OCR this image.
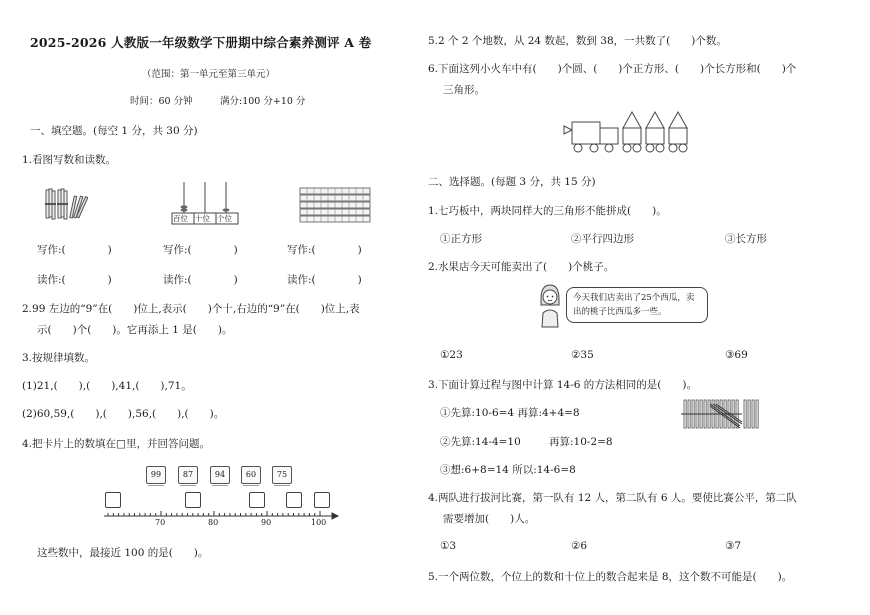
2025-2026 人教版一年级数学下册期中综合素养测评 A 卷
（范围：第一单元至第三单元）
时间：60 分钟	满分:100 分+10 分
一、填空题。(每空 1 分，共 30 分)
1.看图写数和读数。
百位 十位 个位
写作:(　　　　)	写作:(　　　　)	写作:(　　　　)
读作:(　　　　)	读作:(　　　　)	读作:(　　　　)
2.99 左边的“9”在(　　)位上,表示(　　)个十,右边的“9”在(　　)位上,表
示(　　)个(　　)。它再添上 1 是(　　)。
3.按规律填数。
(1)21,(　　),(　　),41,(　　),71。
(2)60,59,(　　),(　　),56,(　　),(　　)。
4.把卡片上的数填在□里，并回答问题。
99	87	94	60	75
70	80	90	100
这些数中，最接近 100 的是(　　)。
5.2 个 2 个地数，从 24 数起，数到 38，一共数了(　　)个数。
6.下面这列小火车中有(　　)个圆、(　　)个正方形、(　　)个长方形和(　　)个
三角形。
二、选择题。(每题 3 分，共 15 分)
1.七巧板中，两块同样大的三角形不能拼成(　　)。
①正方形	②平行四边形	③长方形
2.水果店今天可能卖出了(　　)个桃子。
今天我们店卖出了25个西瓜，卖出的桃子比西瓜多一些。
①23	②35	③69
3.下面计算过程与图中计算 14-6 的方法相同的是(　　)。
①先算:10-6=4 再算:4+4=8
②先算:14-4=10	再算:10-2=8
③想:6+8=14 所以:14-6=8
4.两队进行拔河比赛，第一队有 12 人，第二队有 6 人。要使比赛公平，第二队
需要增加(　　)人。
①3	②6	③7
5.一个两位数，个位上的数和十位上的数合起来是 8，这个数不可能是(　　)。
